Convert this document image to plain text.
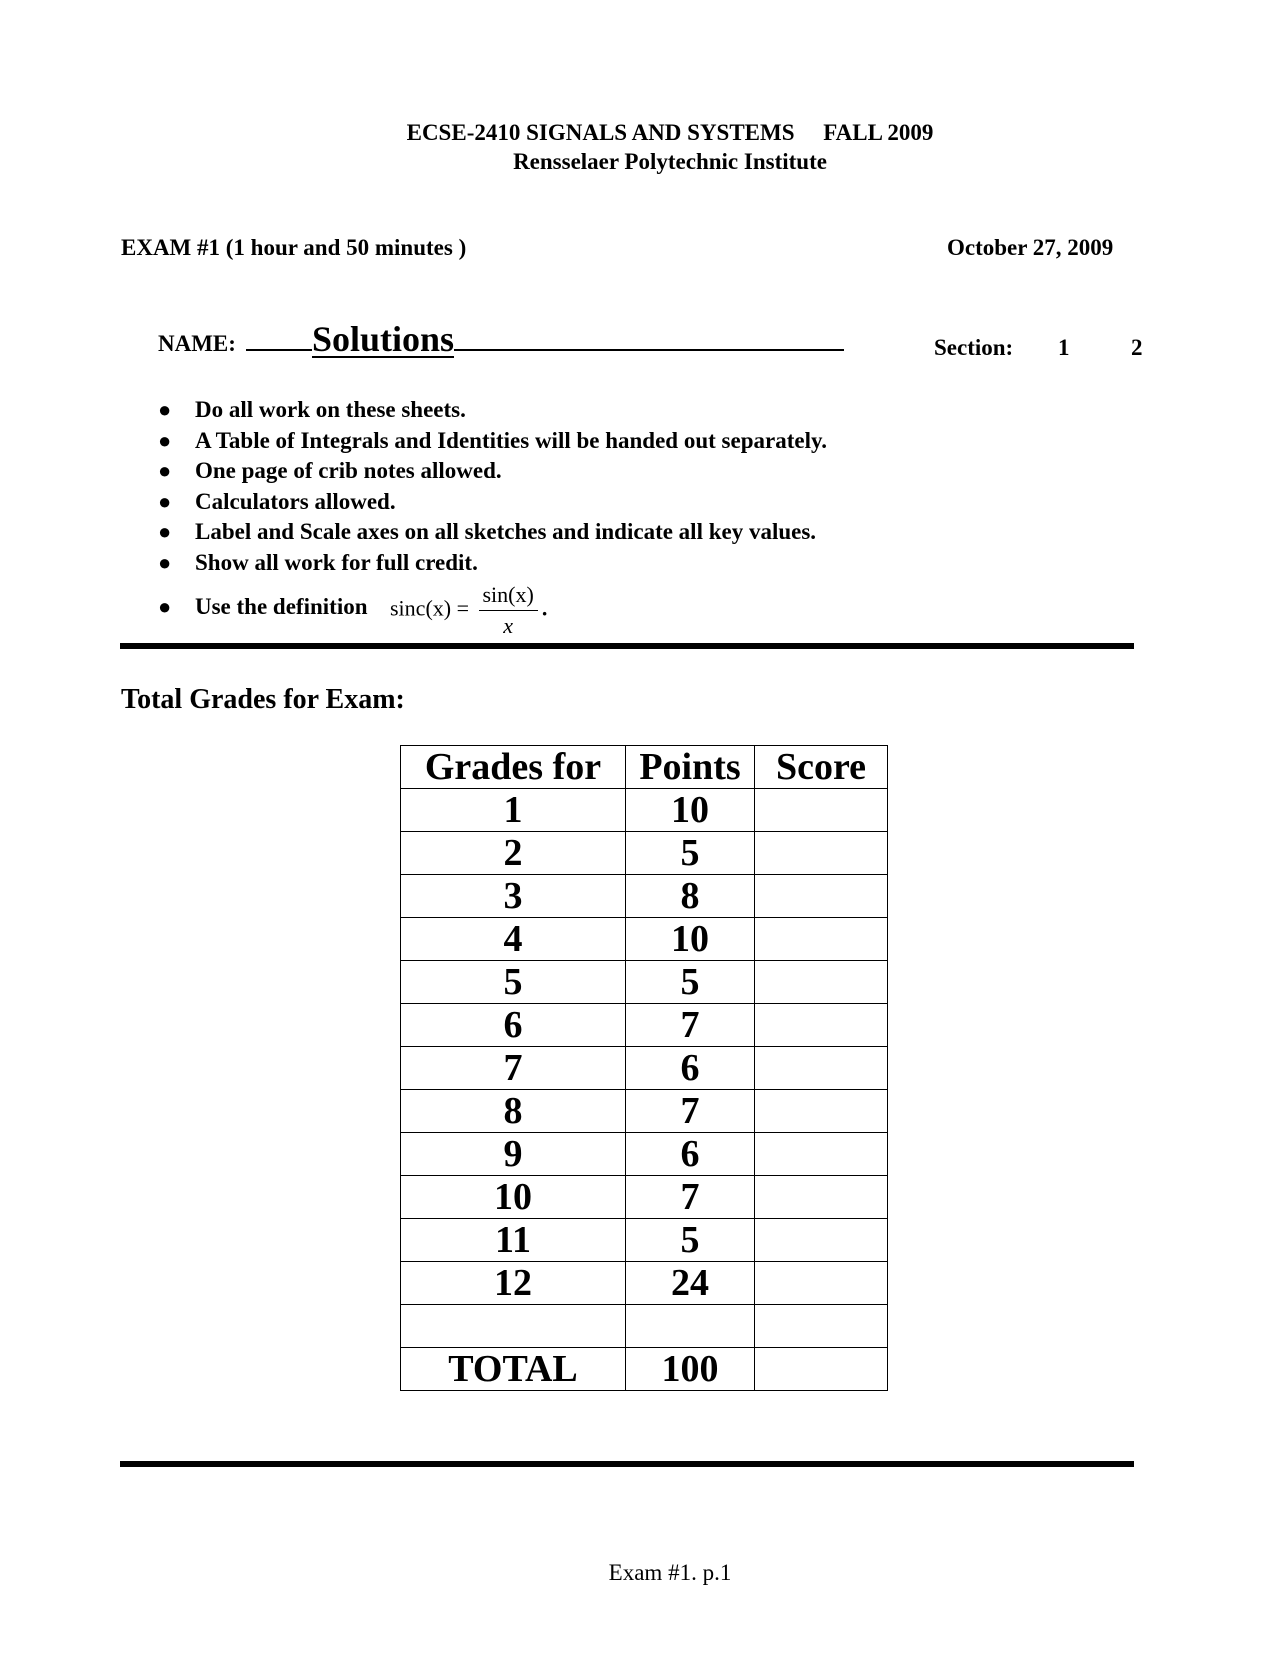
ECSE-2410 SIGNALS AND SYSTEMS     FALL 2009
Rensselaer Polytechnic Institute
EXAM #1 (1 hour and 50 minutes )	October 27, 2009
NAME: Solutions	Section: 1	2
● Do all work on these sheets.
● A Table of Integrals and Identities will be handed out separately.
● One page of crib notes allowed.
● Calculators allowed.
● Label and Scale axes on all sketches and indicate all key values.
● Show all work for full credit.
● Use the definition $\sin c(x) = \frac{\sin(x)}{x}$ .
Total Grades for Exam:
Grades for	Points	Score
1	10	
2	5	
3	8	
4	10	
5	5	
6	7	
7	6	
8	7	
9	6	
10	7	
11	5	
12	24	

TOTAL	100	
Exam #1. p.1
